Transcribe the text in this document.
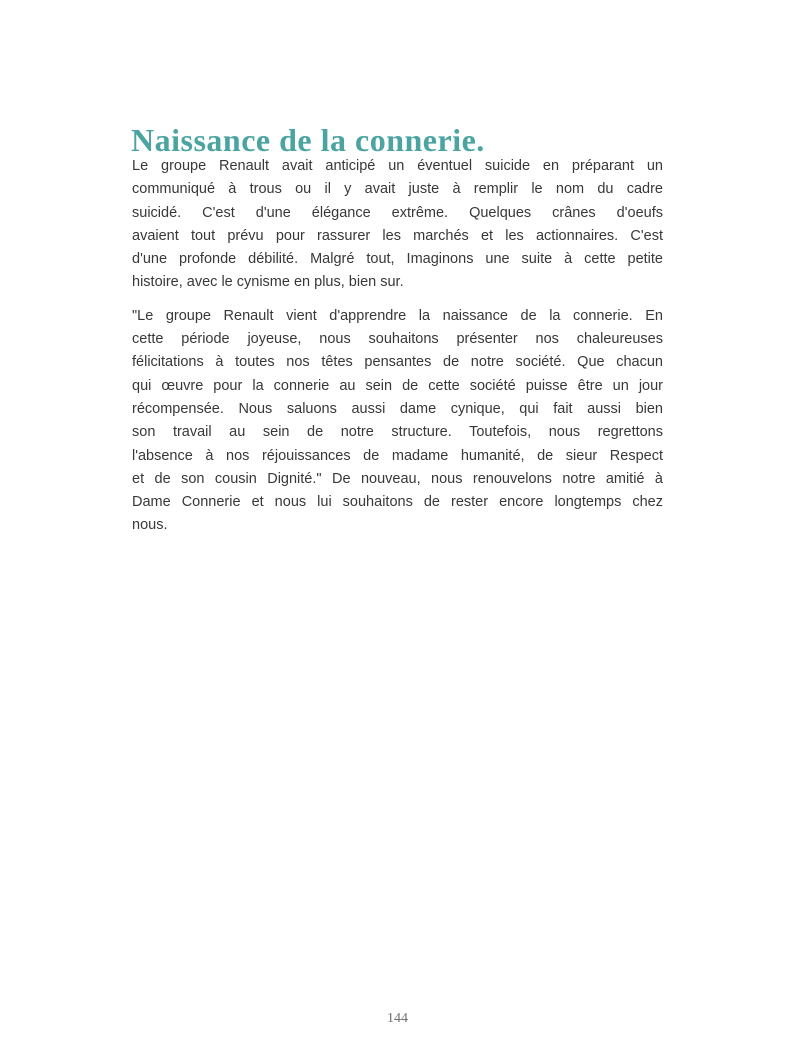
Naissance de la connerie.

Le groupe Renault avait anticipé un éventuel suicide en préparant un
communiqué à trous ou il y avait juste à remplir le nom du cadre
suicidé. C'est d'une élégance extrême. Quelques crânes d'oeufs
avaient tout prévu pour rassurer les marchés et les actionnaires. C'est
d'une profonde débilité. Malgré tout, Imaginons une suite à cette petite
histoire, avec le cynisme en plus, bien sur.

"Le groupe Renault vient d'apprendre la naissance de la connerie. En
cette période joyeuse, nous souhaitons présenter nos chaleureuses
félicitations à toutes nos têtes pensantes de notre société. Que chacun
qui œuvre pour la connerie au sein de cette société puisse être un jour
récompensée. Nous saluons aussi dame cynique, qui fait aussi bien
son travail au sein de notre structure. Toutefois, nous regrettons
l'absence à nos réjouissances de madame humanité, de sieur Respect
et de son cousin Dignité." De nouveau, nous renouvelons notre amitié à
Dame Connerie et nous lui souhaitons de rester encore longtemps chez
nous.

144
